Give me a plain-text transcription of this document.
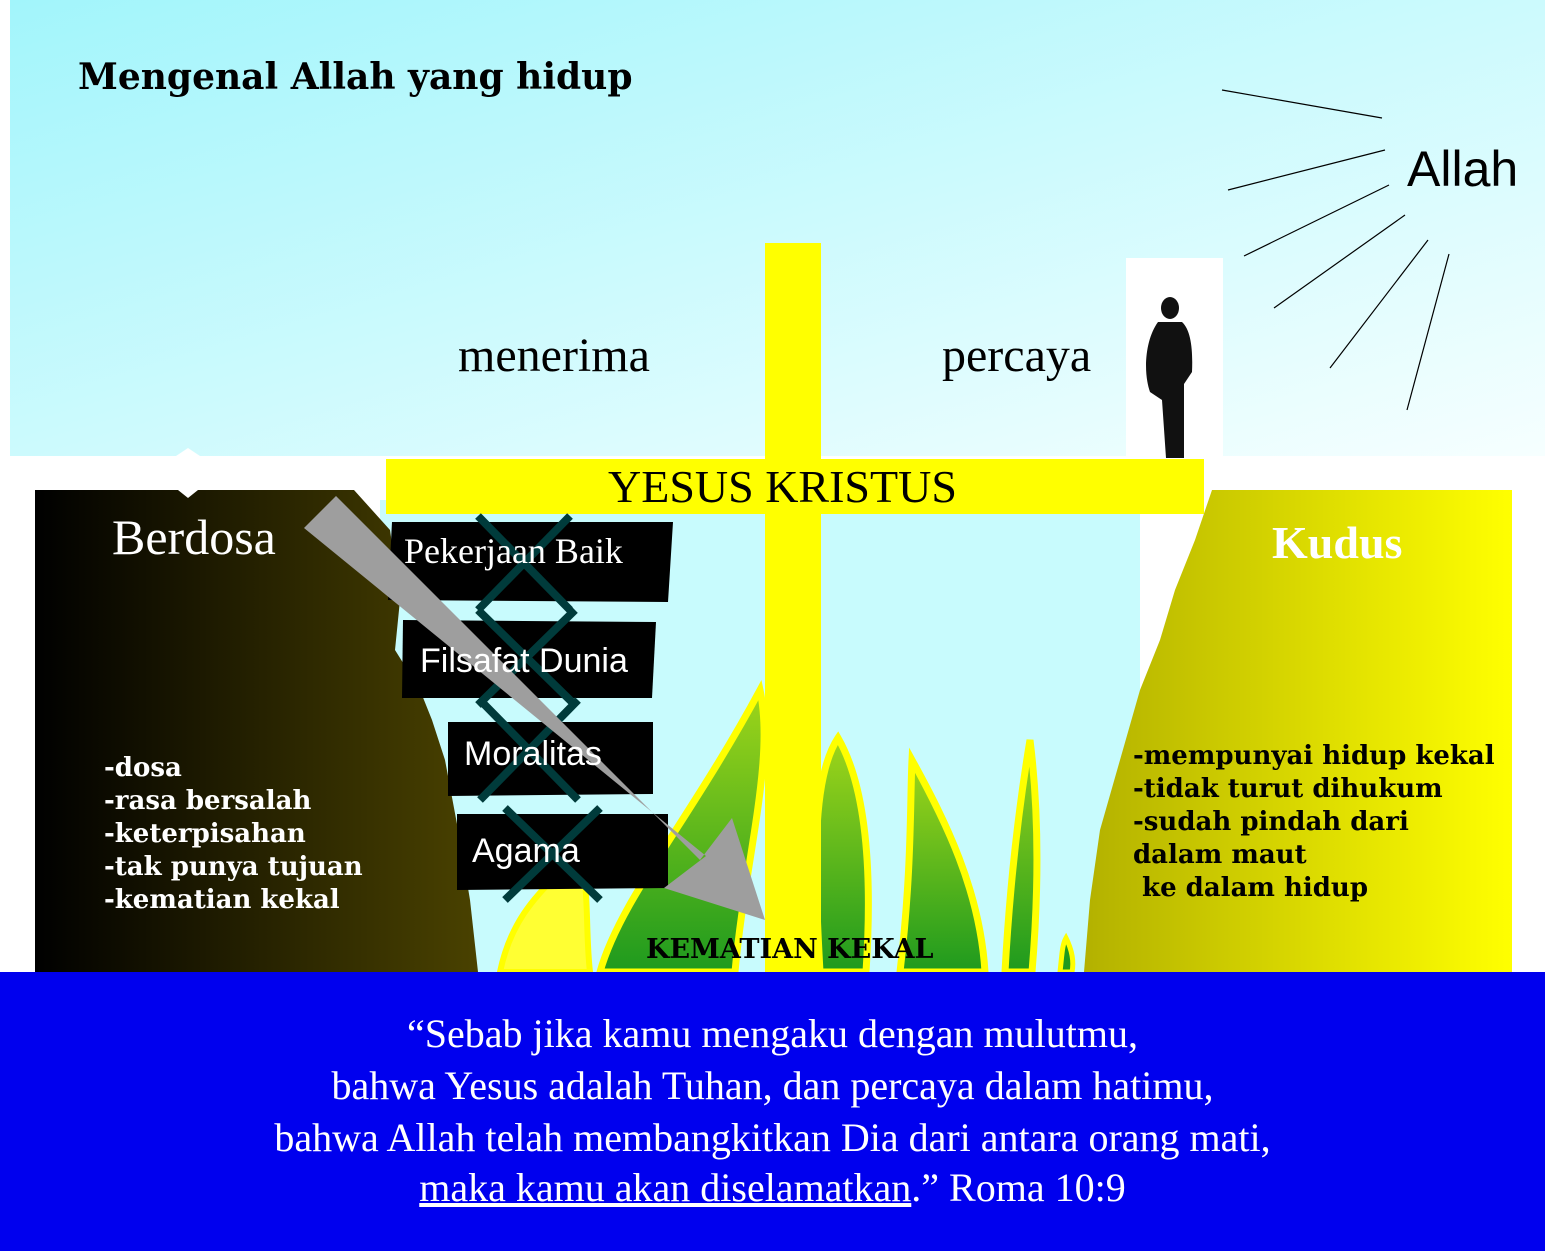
Mengenal Allah yang hidup
Allah
menerima	percaya
YESUS KRISTUS
Berdosa	Kudus
Pekerjaan Baik
Filsafat Dunia
Moralitas
Agama
-dosa
-rasa bersalah
-keterpisahan
-tak punya tujuan
-kematian kekal
-mempunyai hidup kekal
-tidak turut dihukum
-sudah pindah dari
dalam maut
ke dalam hidup
KEMATIAN KEKAL
“Sebab jika kamu mengaku dengan mulutmu,
bahwa Yesus adalah Tuhan, dan percaya dalam hatimu,
bahwa Allah telah membangkitkan Dia dari antara orang mati,
maka kamu akan diselamatkan.” Roma 10:9
